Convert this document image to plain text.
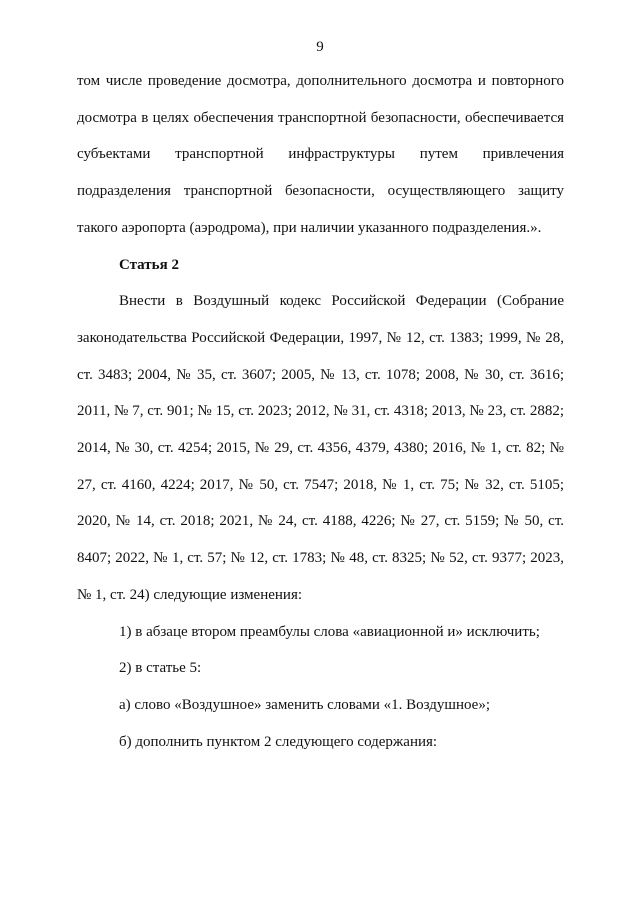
9

том числе проведение досмотра, дополнительного досмотра и повторного досмотра в целях обеспечения транспортной безопасности, обеспечивается субъектами транспортной инфраструктуры путем привлечения подразделения транспортной безопасности, осуществляющего защиту такого аэропорта (аэродрома), при наличии указанного подразделения.».

Статья 2

Внести в Воздушный кодекс Российской Федерации (Собрание законодательства Российской Федерации, 1997, № 12, ст. 1383; 1999, № 28, ст. 3483; 2004, № 35, ст. 3607; 2005, № 13, ст. 1078; 2008, № 30, ст. 3616; 2011, № 7, ст. 901; № 15, ст. 2023; 2012, № 31, ст. 4318; 2013, № 23, ст. 2882; 2014, № 30, ст. 4254; 2015, № 29, ст. 4356, 4379, 4380; 2016, № 1, ст. 82; № 27, ст. 4160, 4224; 2017, № 50, ст. 7547; 2018, № 1, ст. 75; № 32, ст. 5105; 2020, № 14, ст. 2018; 2021, № 24, ст. 4188, 4226; № 27, ст. 5159; № 50, ст. 8407; 2022, № 1, ст. 57; № 12, ст. 1783; № 48, ст. 8325; № 52, ст. 9377; 2023, № 1, ст. 24) следующие изменения:

1) в абзаце втором преамбулы слова «авиационной и» исключить;

2) в статье 5:

а) слово «Воздушное» заменить словами «1. Воздушное»;

б) дополнить пунктом 2 следующего содержания:
